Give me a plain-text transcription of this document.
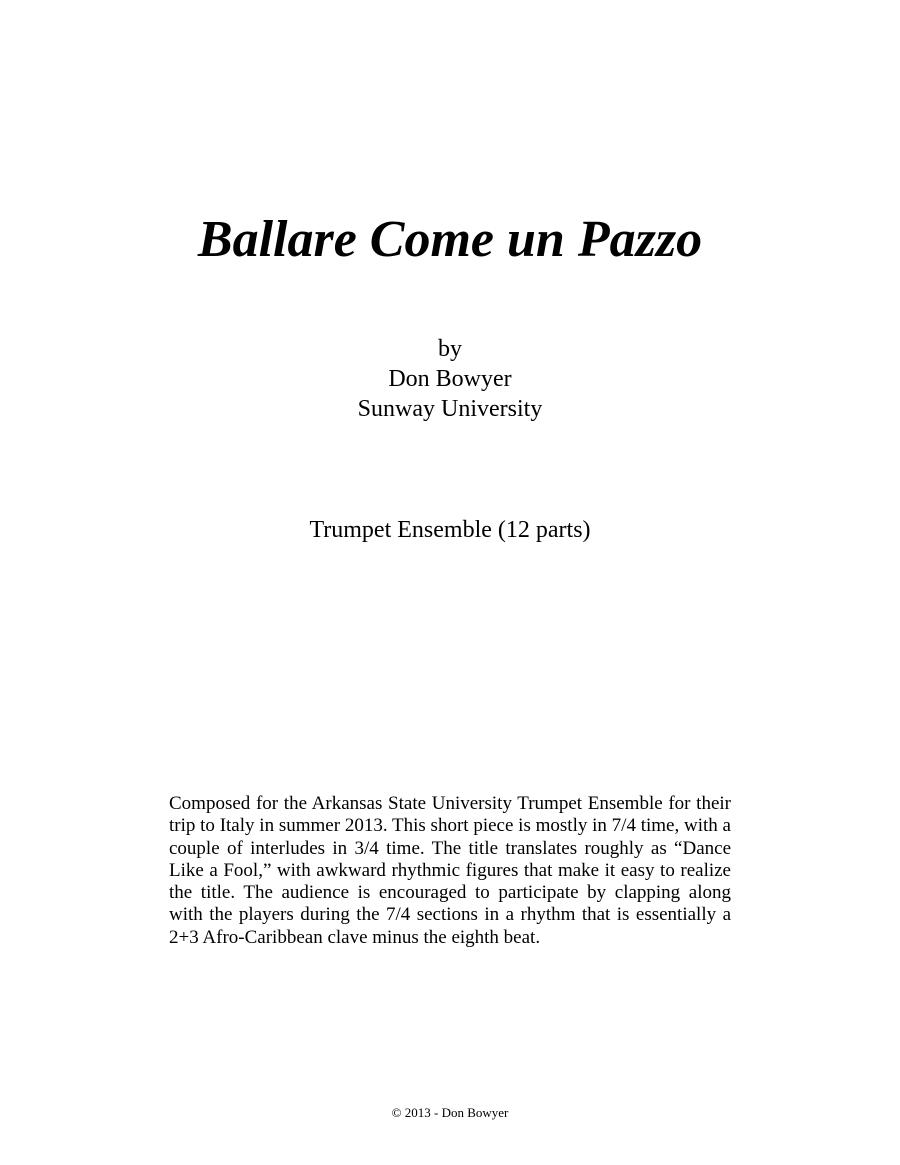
Ballare Come un Pazzo
by
Don Bowyer
Sunway University
Trumpet Ensemble (12 parts)

Composed for the Arkansas State University Trumpet Ensemble for their trip to Italy in summer 2013. This short piece is mostly in 7/4 time, with a couple of interludes in 3/4 time. The title translates roughly as “Dance Like a Fool,” with awkward rhythmic figures that make it easy to realize the title. The audience is encouraged to participate by clapping along with the players during the 7/4 sections in a rhythm that is essentially a 2+3 Afro-Caribbean clave minus the eighth beat.

© 2013 - Don Bowyer
